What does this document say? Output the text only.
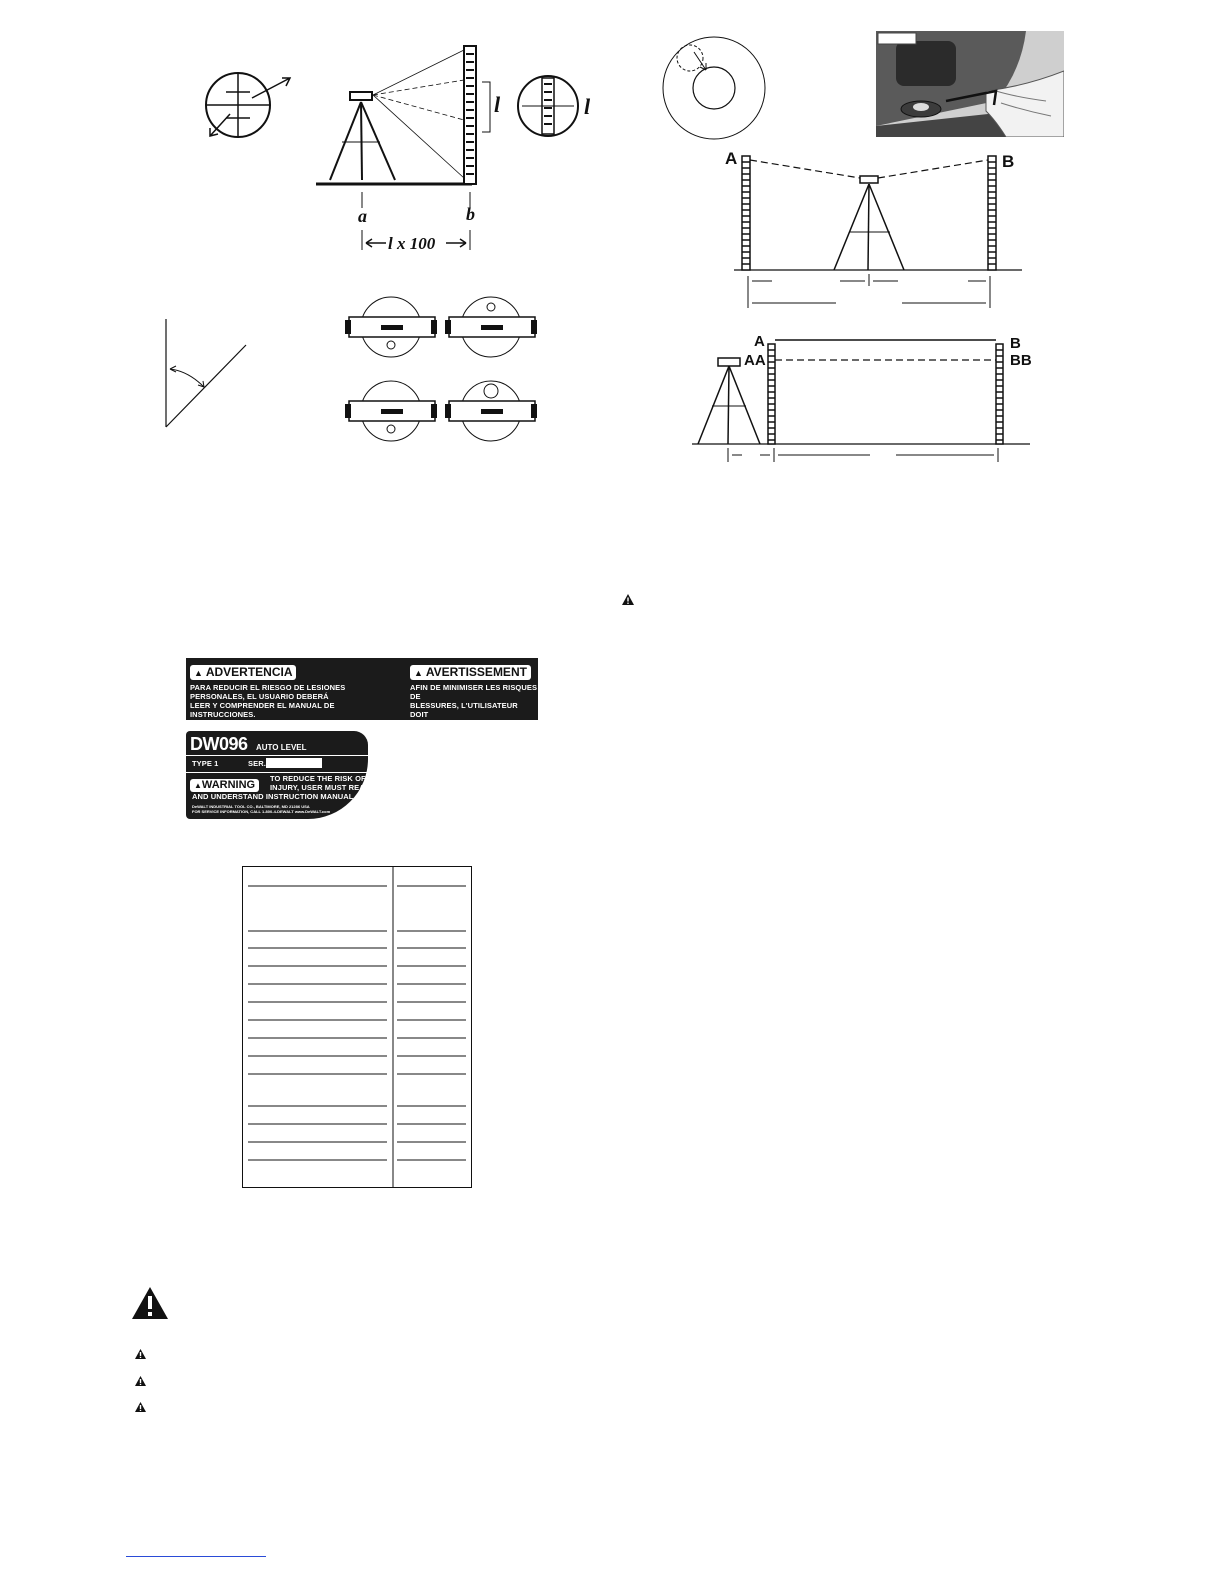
l	l
a	b
l x 100
A	B
A
AA
B
BB
▲ ADVERTENCIA
PARA REDUCIR EL RIESGO DE LESIONES
PERSONALES, EL USUARIO DEBERÁ
LEER Y COMPRENDER EL MANUAL DE
INSTRUCCIONES.
▲ AVERTISSEMENT
AFIN DE MINIMISER LES RISQUES DE
BLESSURES, L'UTILISATEUR DOIT
TOUJOURS LIRE ET COMPRENDRE LE
GUIDE D'UTILISATION.
DW096 AUTO LEVEL
TYPE 1	SER.
▲WARNING
TO REDUCE THE RISK OF
INJURY, USER MUST READ
AND UNDERSTAND INSTRUCTION MANUAL.
DeWALT INDUSTRIAL TOOL CO., BALTIMORE, MD 21286 USA
FOR SERVICE INFORMATION, CALL 1-800-4-DEWALT www.DeWALT.com
